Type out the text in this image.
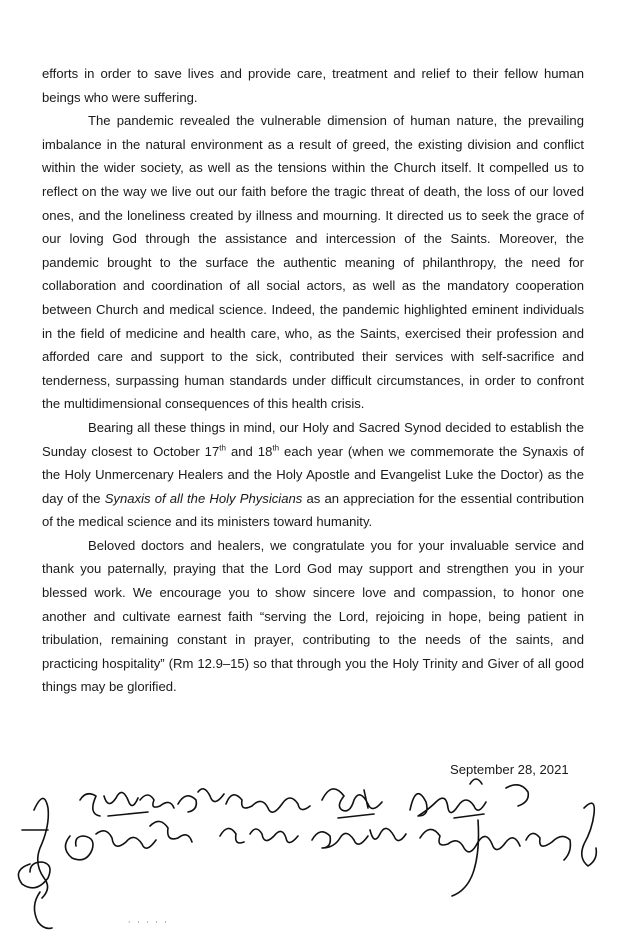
efforts in order to save lives and provide care, treatment and relief to their fellow human beings who were suffering.

The pandemic revealed the vulnerable dimension of human nature, the prevailing imbalance in the natural environment as a result of greed, the existing division and conflict within the wider society, as well as the tensions within the Church itself. It compelled us to reflect on the way we live out our faith before the tragic threat of death, the loss of our loved ones, and the loneliness created by illness and mourning. It directed us to seek the grace of our loving God through the assistance and intercession of the Saints. Moreover, the pandemic brought to the surface the authentic meaning of philanthropy, the need for collaboration and coordination of all social actors, as well as the mandatory cooperation between Church and medical science. Indeed, the pandemic highlighted eminent individuals in the field of medicine and health care, who, as the Saints, exercised their profession and afforded care and support to the sick, contributed their services with self-sacrifice and tenderness, surpassing human standards under difficult circumstances, in order to confront the multidimensional consequences of this health crisis.

Bearing all these things in mind, our Holy and Sacred Synod decided to establish the Sunday closest to October 17th and 18th each year (when we commemorate the Synaxis of the Holy Unmercenary Healers and the Holy Apostle and Evangelist Luke the Doctor) as the day of the Synaxis of all the Holy Physicians as an appreciation for the essential contribution of the medical science and its ministers toward humanity.

Beloved doctors and healers, we congratulate you for your invaluable service and thank you paternally, praying that the Lord God may support and strengthen you in your blessed work. We encourage you to show sincere love and compassion, to honor one another and cultivate earnest faith “serving the Lord, rejoicing in hope, being patient in tribulation, remaining constant in prayer, contributing to the needs of the saints, and practicing hospitality” (Rm 12.9–15) so that through you the Holy Trinity and Giver of all good things may be glorified.

September 28, 2021
· · · · ·
